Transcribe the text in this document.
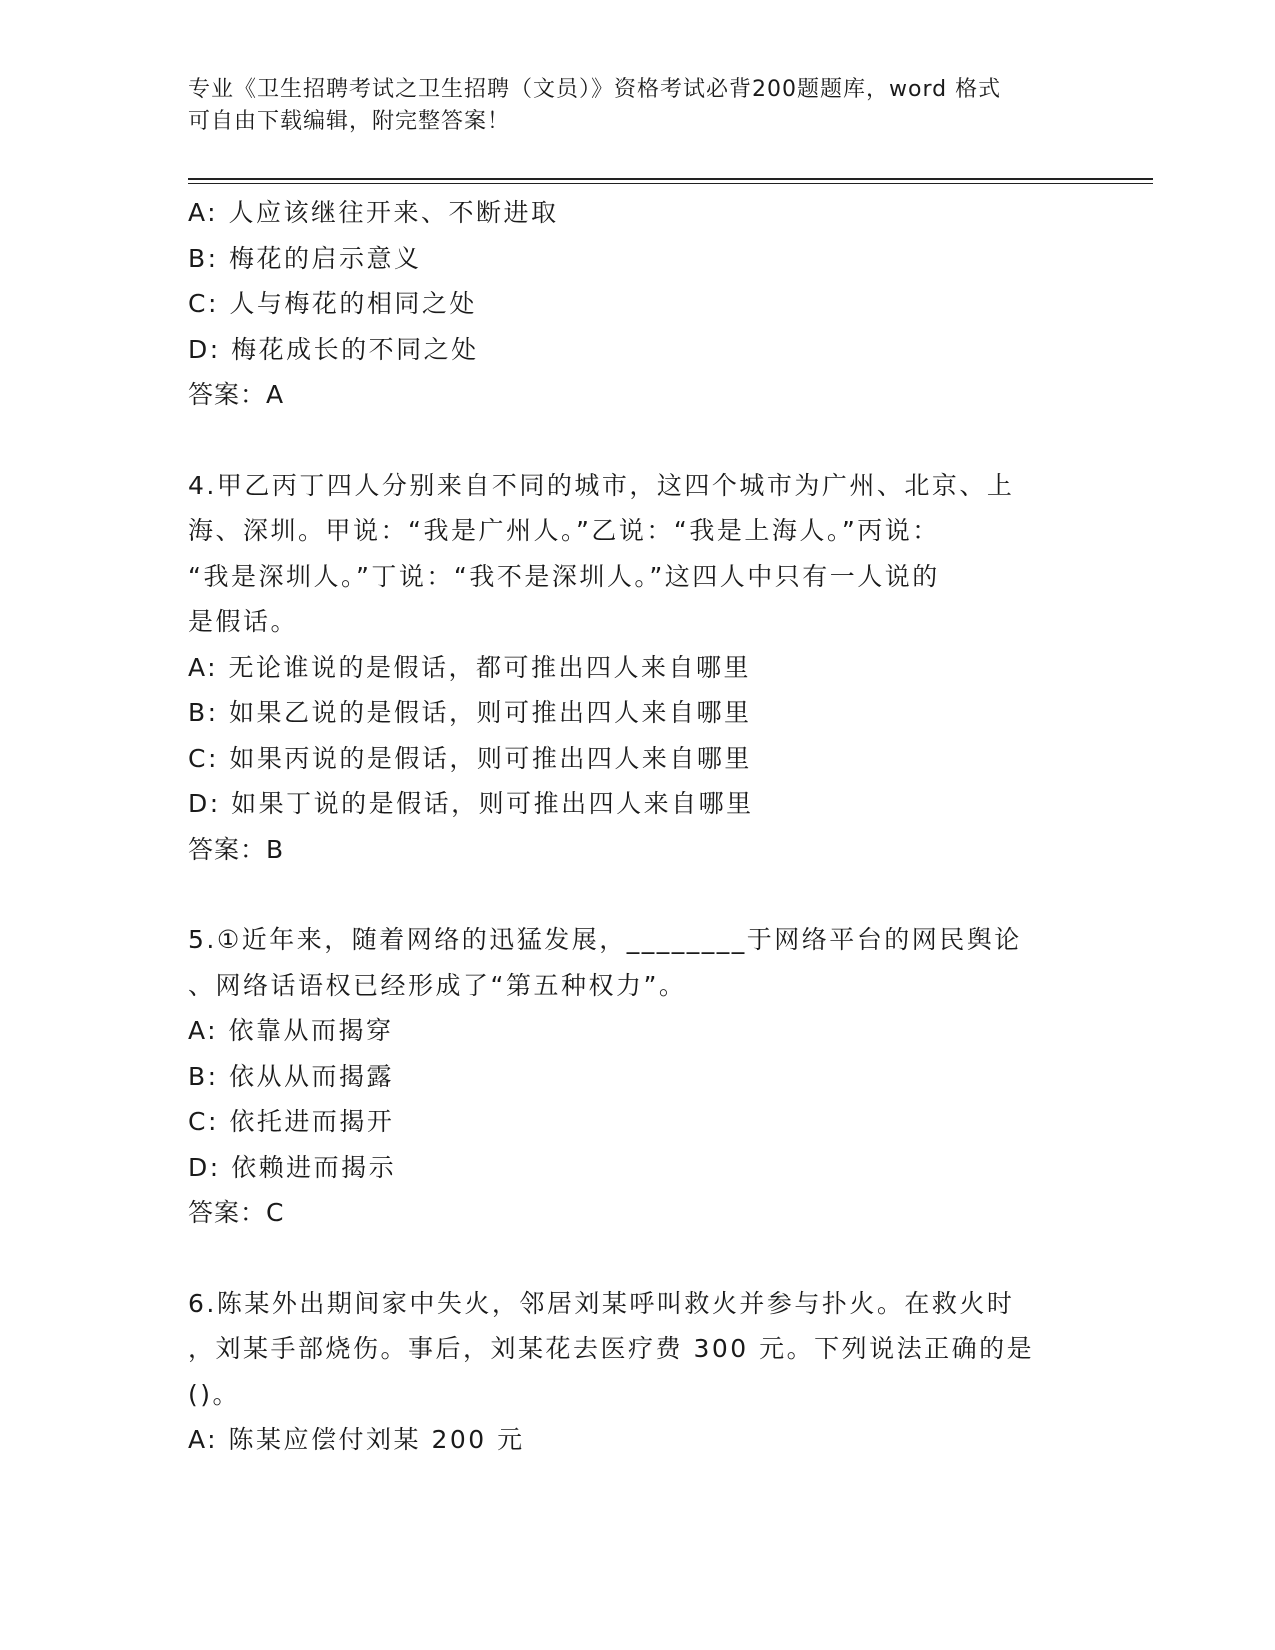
专业《卫生招聘考试之卫生招聘（文员）》资格考试必背200题题库，word 格式
可自由下载编辑，附完整答案！
A: 人应该继往开来、不断进取
B: 梅花的启示意义
C: 人与梅花的相同之处
D: 梅花成长的不同之处
答案：A
4.甲乙丙丁四人分别来自不同的城市，这四个城市为广州、北京、上
海、深圳。甲说：“我是广州人。”乙说：“我是上海人。”丙说：
“我是深圳人。”丁说：“我不是深圳人。”这四人中只有一人说的
是假话。
A: 无论谁说的是假话，都可推出四人来自哪里
B: 如果乙说的是假话，则可推出四人来自哪里
C: 如果丙说的是假话，则可推出四人来自哪里
D: 如果丁说的是假话，则可推出四人来自哪里
答案：B
5.①近年来，随着网络的迅猛发展，________于网络平台的网民舆论
、网络话语权已经形成了“第五种权力”。
A: 依靠从而揭穿
B: 依从从而揭露
C: 依托进而揭开
D: 依赖进而揭示
答案：C
6.陈某外出期间家中失火，邻居刘某呼叫救火并参与扑火。在救火时
，刘某手部烧伤。事后，刘某花去医疗费 300 元。下列说法正确的是
()。
A: 陈某应偿付刘某 200 元
